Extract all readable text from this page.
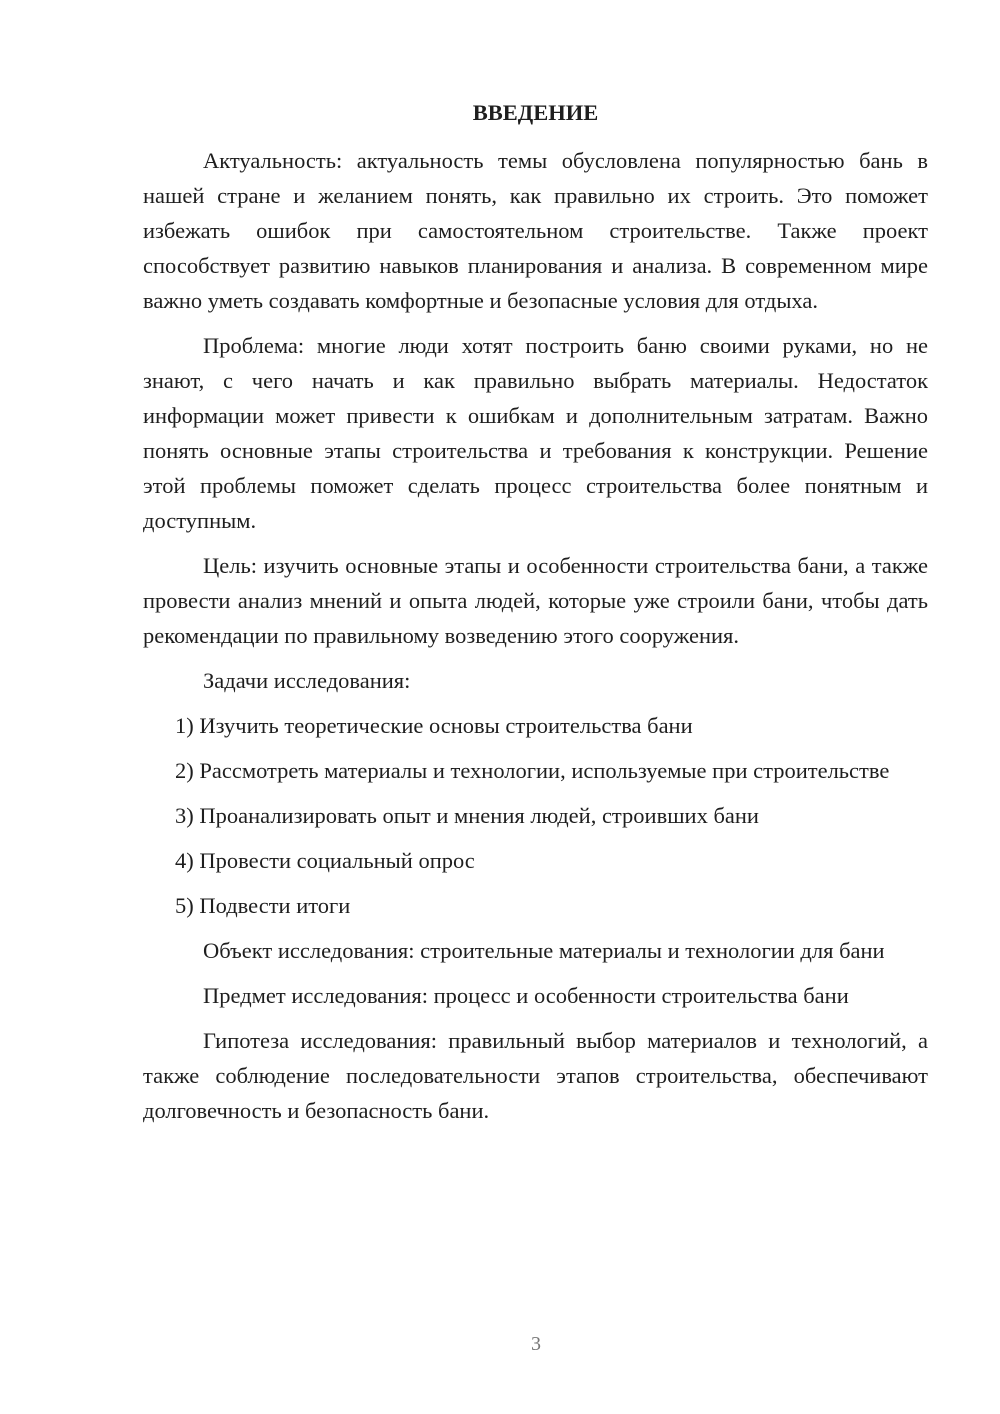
ВВЕДЕНИЕ

Актуальность: актуальность темы обусловлена популярностью бань в нашей стране и желанием понять, как правильно их строить. Это поможет избежать ошибок при самостоятельном строительстве. Также проект способствует развитию навыков планирования и анализа. В современном мире важно уметь создавать комфортные и безопасные условия для отдыха.

Проблема: многие люди хотят построить баню своими руками, но не знают, с чего начать и как правильно выбрать материалы. Недостаток информации может привести к ошибкам и дополнительным затратам. Важно понять основные этапы строительства и требования к конструкции. Решение этой проблемы поможет сделать процесс строительства более понятным и доступным.

Цель: изучить основные этапы и особенности строительства бани, а также провести анализ мнений и опыта людей, которые уже строили бани, чтобы дать рекомендации по правильному возведению этого сооружения.

Задачи исследования:

1) Изучить теоретические основы строительства бани

2) Рассмотреть материалы и технологии, используемые при строительстве

3) Проанализировать опыт и мнения людей, строивших бани

4) Провести социальный опрос

5) Подвести итоги

Объект исследования: строительные материалы и технологии для бани

Предмет исследования: процесс и особенности строительства бани

Гипотеза исследования: правильный выбор материалов и технологий, а также соблюдение последовательности этапов строительства, обеспечивают долговечность и безопасность бани.

3
